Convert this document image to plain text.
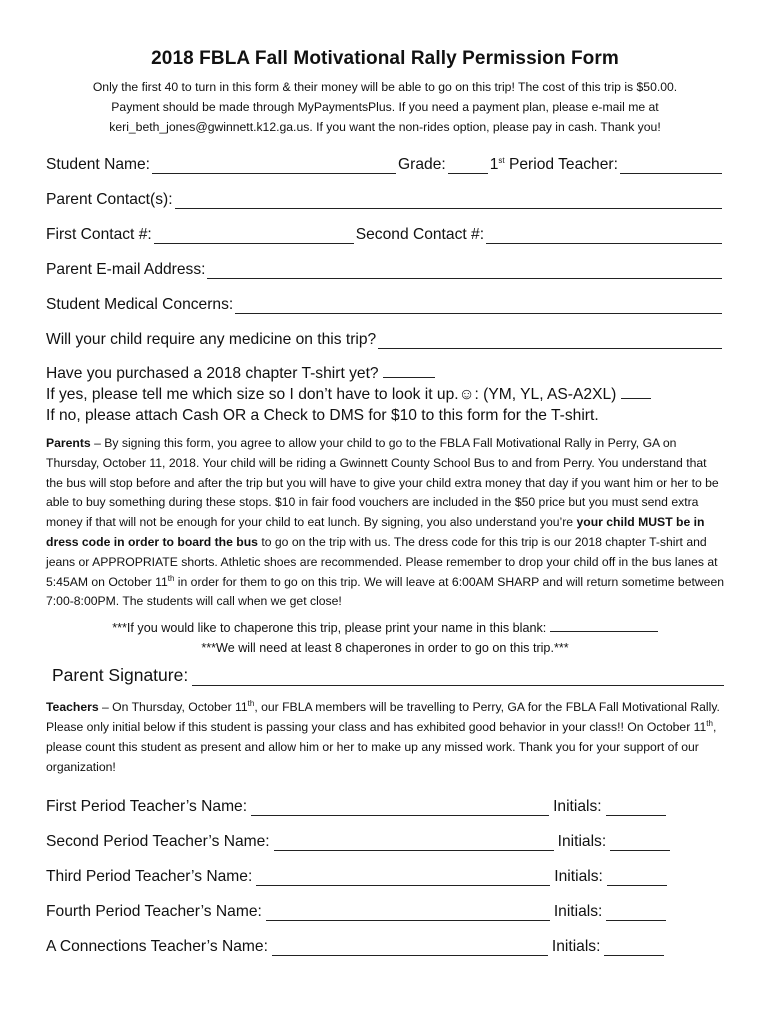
2018 FBLA Fall Motivational Rally Permission Form
Only the first 40 to turn in this form & their money will be able to go on this trip! The cost of this trip is $50.00.
Payment should be made through MyPaymentsPlus. If you need a payment plan, please e-mail me at
keri_beth_jones@gwinnett.k12.ga.us. If you want the non-rides option, please pay in cash. Thank you!
Student Name:	Grade:	1st Period Teacher:
Parent Contact(s):
First Contact #:	Second Contact #:
Parent E-mail Address:
Student Medical Concerns:
Will your child require any medicine on this trip?
Have you purchased a 2018 chapter T-shirt yet?
If yes, please tell me which size so I don’t have to look it up.☺: (YM, YL, AS-A2XL)
If no, please attach Cash OR a Check to DMS for $10 to this form for the T-shirt.
Parents – By signing this form, you agree to allow your child to go to the FBLA Fall Motivational Rally in Perry, GA on Thursday, October 11, 2018. Your child will be riding a Gwinnett County School Bus to and from Perry. You understand that the bus will stop before and after the trip but you will have to give your child extra money that day if you want him or her to be able to buy something during these stops. $10 in fair food vouchers are included in the $50 price but you must send extra money if that will not be enough for your child to eat lunch. By signing, you also understand you’re your child MUST be in dress code in order to board the bus to go on the trip with us. The dress code for this trip is our 2018 chapter T-shirt and jeans or APPROPRIATE shorts. Athletic shoes are recommended. Please remember to drop your child off in the bus lanes at 5:45AM on October 11th in order for them to go on this trip. We will leave at 6:00AM SHARP and will return sometime between 7:00-8:00PM. The students will call when we get close!
***If you would like to chaperone this trip, please print your name in this blank:
***We will need at least 8 chaperones in order to go on this trip.***
Parent Signature:
Teachers – On Thursday, October 11th, our FBLA members will be travelling to Perry, GA for the FBLA Fall Motivational Rally. Please only initial below if this student is passing your class and has exhibited good behavior in your class!! On October 11th, please count this student as present and allow him or her to make up any missed work. Thank you for your support of our organization!
First Period Teacher’s Name:	Initials:
Second Period Teacher’s Name:	Initials:
Third Period Teacher’s Name:	Initials:
Fourth Period Teacher’s Name:	Initials:
A Connections Teacher’s Name:	Initials:
